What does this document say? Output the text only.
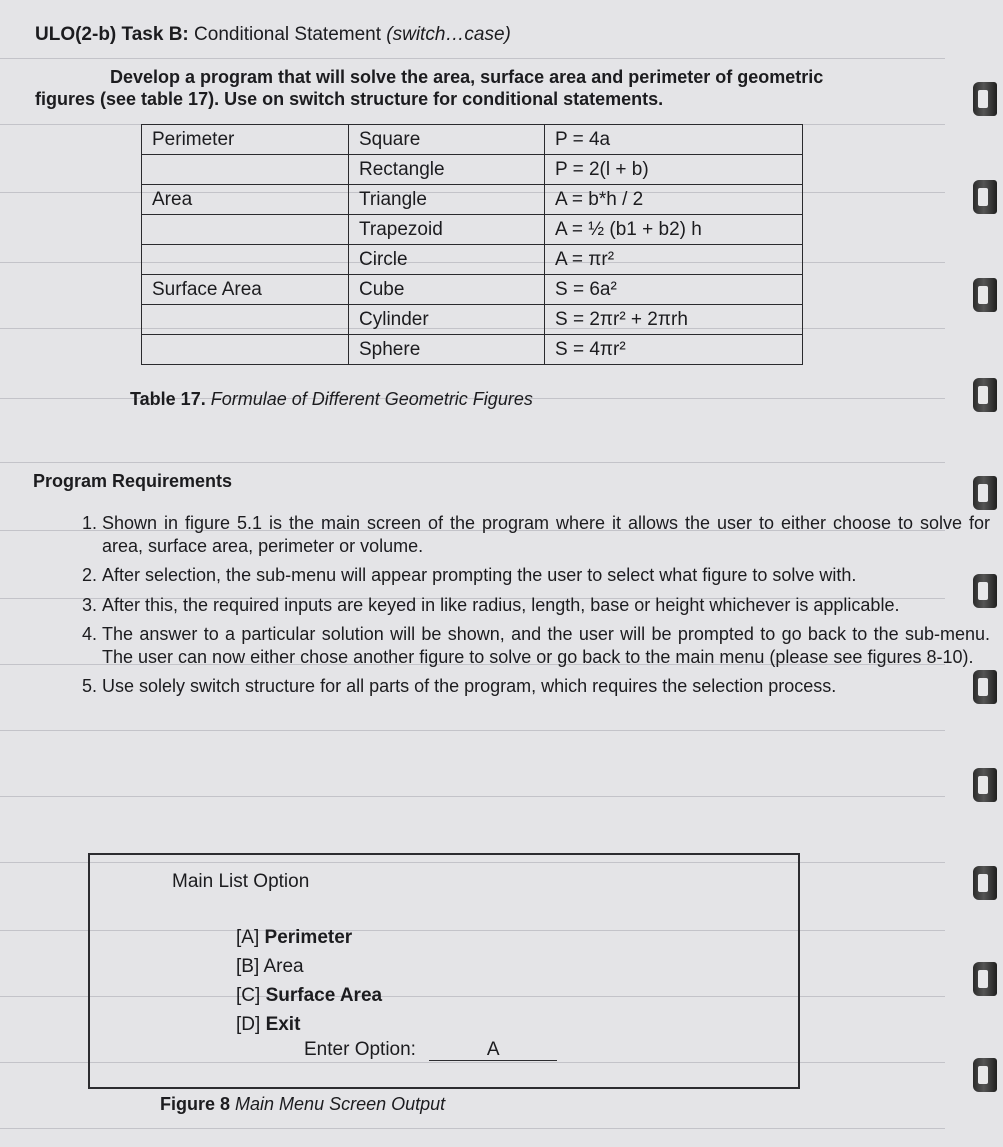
ULO(2-b) Task B: Conditional Statement (switch…case)
Develop a program that will solve the area, surface area and perimeter of geometric
figures (see table 17). Use on switch structure for conditional statements.
Perimeter	Square	P = 4a
	Rectangle	P = 2(l + b)
Area	Triangle	A = b*h / 2
	Trapezoid	A = ½ (b1 + b2) h
	Circle	A = πr²
Surface Area	Cube	S = 6a²
	Cylinder	S = 2πr² + 2πrh
	Sphere	S = 4πr²
Table 17. Formulae of Different Geometric Figures
Program Requirements
1. Shown in figure 5.1 is the main screen of the program where it allows the user to either choose to solve for area, surface area, perimeter or volume.
2. After selection, the sub-menu will appear prompting the user to select what figure to solve with.
3. After this, the required inputs are keyed in like radius, length, base or height whichever is applicable.
4. The answer to a particular solution will be shown, and the user will be prompted to go back to the sub-menu. The user can now either chose another figure to solve or go back to the main menu (please see figures 8-10).
5. Use solely switch structure for all parts of the program, which requires the selection process.
Main List Option
[A] Perimeter
[B] Area
[C] Surface Area
[D] Exit
Enter Option:	A
Figure 8 Main Menu Screen Output
